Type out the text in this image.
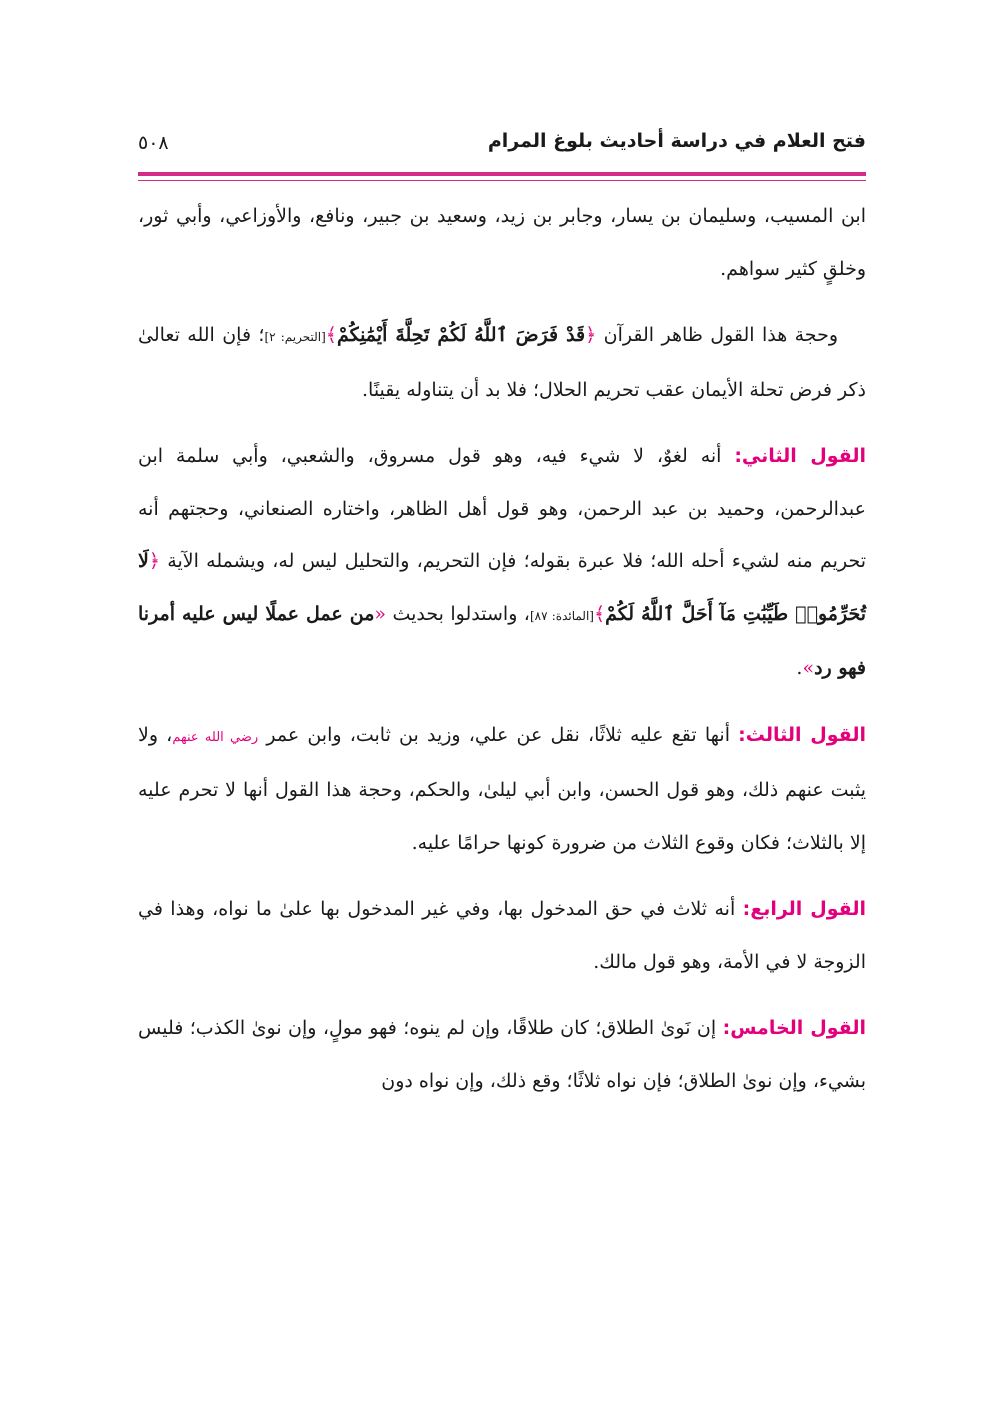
فتح العلام في دراسة أحاديث بلوغ المرام
٥٠٨

ابن المسيب، وسليمان بن يسار، وجابر بن زيد، وسعيد بن جبير، ونافع، والأوزاعي، وأبي ثور، وخلقٍ كثير سواهم.

وحجة هذا القول ظاهر القرآن ﴿قَدْ فَرَضَ ٱللَّهُ لَكُمْ تَحِلَّةَ أَيْمَٰنِكُمْ﴾[التحريم: ٢]؛ فإن الله تعالىٰ ذكر فرض تحلة الأيمان عقب تحريم الحلال؛ فلا بد أن يتناوله يقينًا.

القول الثاني: أنه لغوٌ، لا شيء فيه، وهو قول مسروق، والشعبي، وأبي سلمة ابن عبدالرحمن، وحميد بن عبد الرحمن، وهو قول أهل الظاهر، واختاره الصنعاني، وحجتهم أنه تحريم منه لشيء أحله الله؛ فلا عبرة بقوله؛ فإن التحريم، والتحليل ليس له، ويشمله الآية ﴿لَا تُحَرِّمُوا۟ طَيِّبَٰتِ مَآ أَحَلَّ ٱللَّهُ لَكُمْ﴾[المائدة: ٨٧]، واستدلوا بحديث «من عمل عملًا ليس عليه أمرنا فهو رد».

القول الثالث: أنها تقع عليه ثلاثًا، نقل عن علي، وزيد بن ثابت، وابن عمر رضي الله عنهم، ولا يثبت عنهم ذلك، وهو قول الحسن، وابن أبي ليلىٰ، والحكم، وحجة هذا القول أنها لا تحرم عليه إلا بالثلاث؛ فكان وقوع الثلاث من ضرورة كونها حرامًا عليه.

القول الرابع: أنه ثلاث في حق المدخول بها، وفي غير المدخول بها علىٰ ما نواه، وهذا في الزوجة لا في الأمة، وهو قول مالك.

القول الخامس: إن نَوىٰ الطلاق؛ كان طلاقًا، وإن لم ينوه؛ فهو مولٍ، وإن نوىٰ الكذب؛ فليس بشيء، وإن نوىٰ الطلاق؛ فإن نواه ثلاثًا؛ وقع ذلك، وإن نواه دون
